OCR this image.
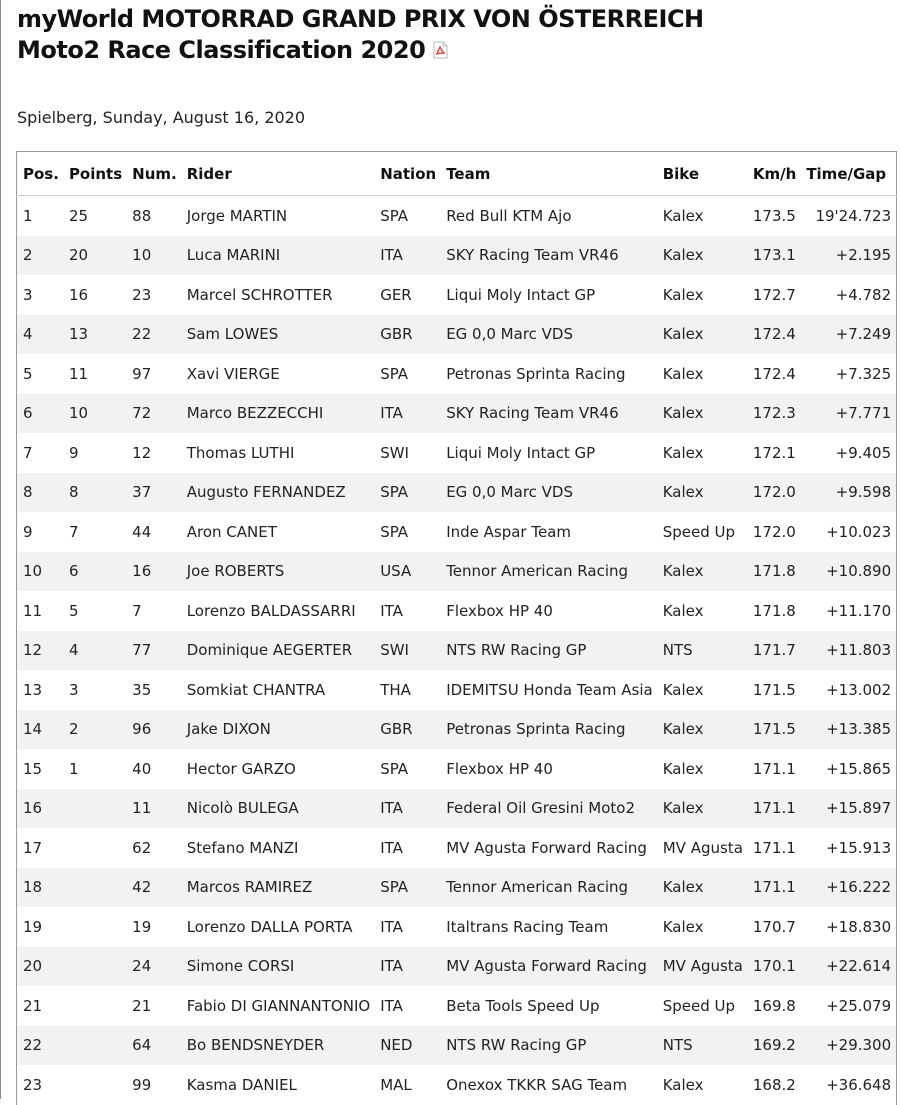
myWorld MOTORRAD GRAND PRIX VON ÖSTERREICH
Moto2 Race Classification 2020
Spielberg, Sunday, August 16, 2020
Pos.	Points	Num.	Rider	Nation	Team	Bike	Km/h	Time/Gap
1	25	88	Jorge MARTIN	SPA	Red Bull KTM Ajo	Kalex	173.5	19'24.723
2	20	10	Luca MARINI	ITA	SKY Racing Team VR46	Kalex	173.1	+2.195
3	16	23	Marcel SCHROTTER	GER	Liqui Moly Intact GP	Kalex	172.7	+4.782
4	13	22	Sam LOWES	GBR	EG 0,0 Marc VDS	Kalex	172.4	+7.249
5	11	97	Xavi VIERGE	SPA	Petronas Sprinta Racing	Kalex	172.4	+7.325
6	10	72	Marco BEZZECCHI	ITA	SKY Racing Team VR46	Kalex	172.3	+7.771
7	9	12	Thomas LUTHI	SWI	Liqui Moly Intact GP	Kalex	172.1	+9.405
8	8	37	Augusto FERNANDEZ	SPA	EG 0,0 Marc VDS	Kalex	172.0	+9.598
9	7	44	Aron CANET	SPA	Inde Aspar Team	Speed Up	172.0	+10.023
10	6	16	Joe ROBERTS	USA	Tennor American Racing	Kalex	171.8	+10.890
11	5	7	Lorenzo BALDASSARRI	ITA	Flexbox HP 40	Kalex	171.8	+11.170
12	4	77	Dominique AEGERTER	SWI	NTS RW Racing GP	NTS	171.7	+11.803
13	3	35	Somkiat CHANTRA	THA	IDEMITSU Honda Team Asia	Kalex	171.5	+13.002
14	2	96	Jake DIXON	GBR	Petronas Sprinta Racing	Kalex	171.5	+13.385
15	1	40	Hector GARZO	SPA	Flexbox HP 40	Kalex	171.1	+15.865
16		11	Nicolò BULEGA	ITA	Federal Oil Gresini Moto2	Kalex	171.1	+15.897
17		62	Stefano MANZI	ITA	MV Agusta Forward Racing	MV Agusta	171.1	+15.913
18		42	Marcos RAMIREZ	SPA	Tennor American Racing	Kalex	171.1	+16.222
19		19	Lorenzo DALLA PORTA	ITA	Italtrans Racing Team	Kalex	170.7	+18.830
20		24	Simone CORSI	ITA	MV Agusta Forward Racing	MV Agusta	170.1	+22.614
21		21	Fabio DI GIANNANTONIO	ITA	Beta Tools Speed Up	Speed Up	169.8	+25.079
22		64	Bo BENDSNEYDER	NED	NTS RW Racing GP	NTS	169.2	+29.300
23		99	Kasma DANIEL	MAL	Onexox TKKR SAG Team	Kalex	168.2	+36.648
